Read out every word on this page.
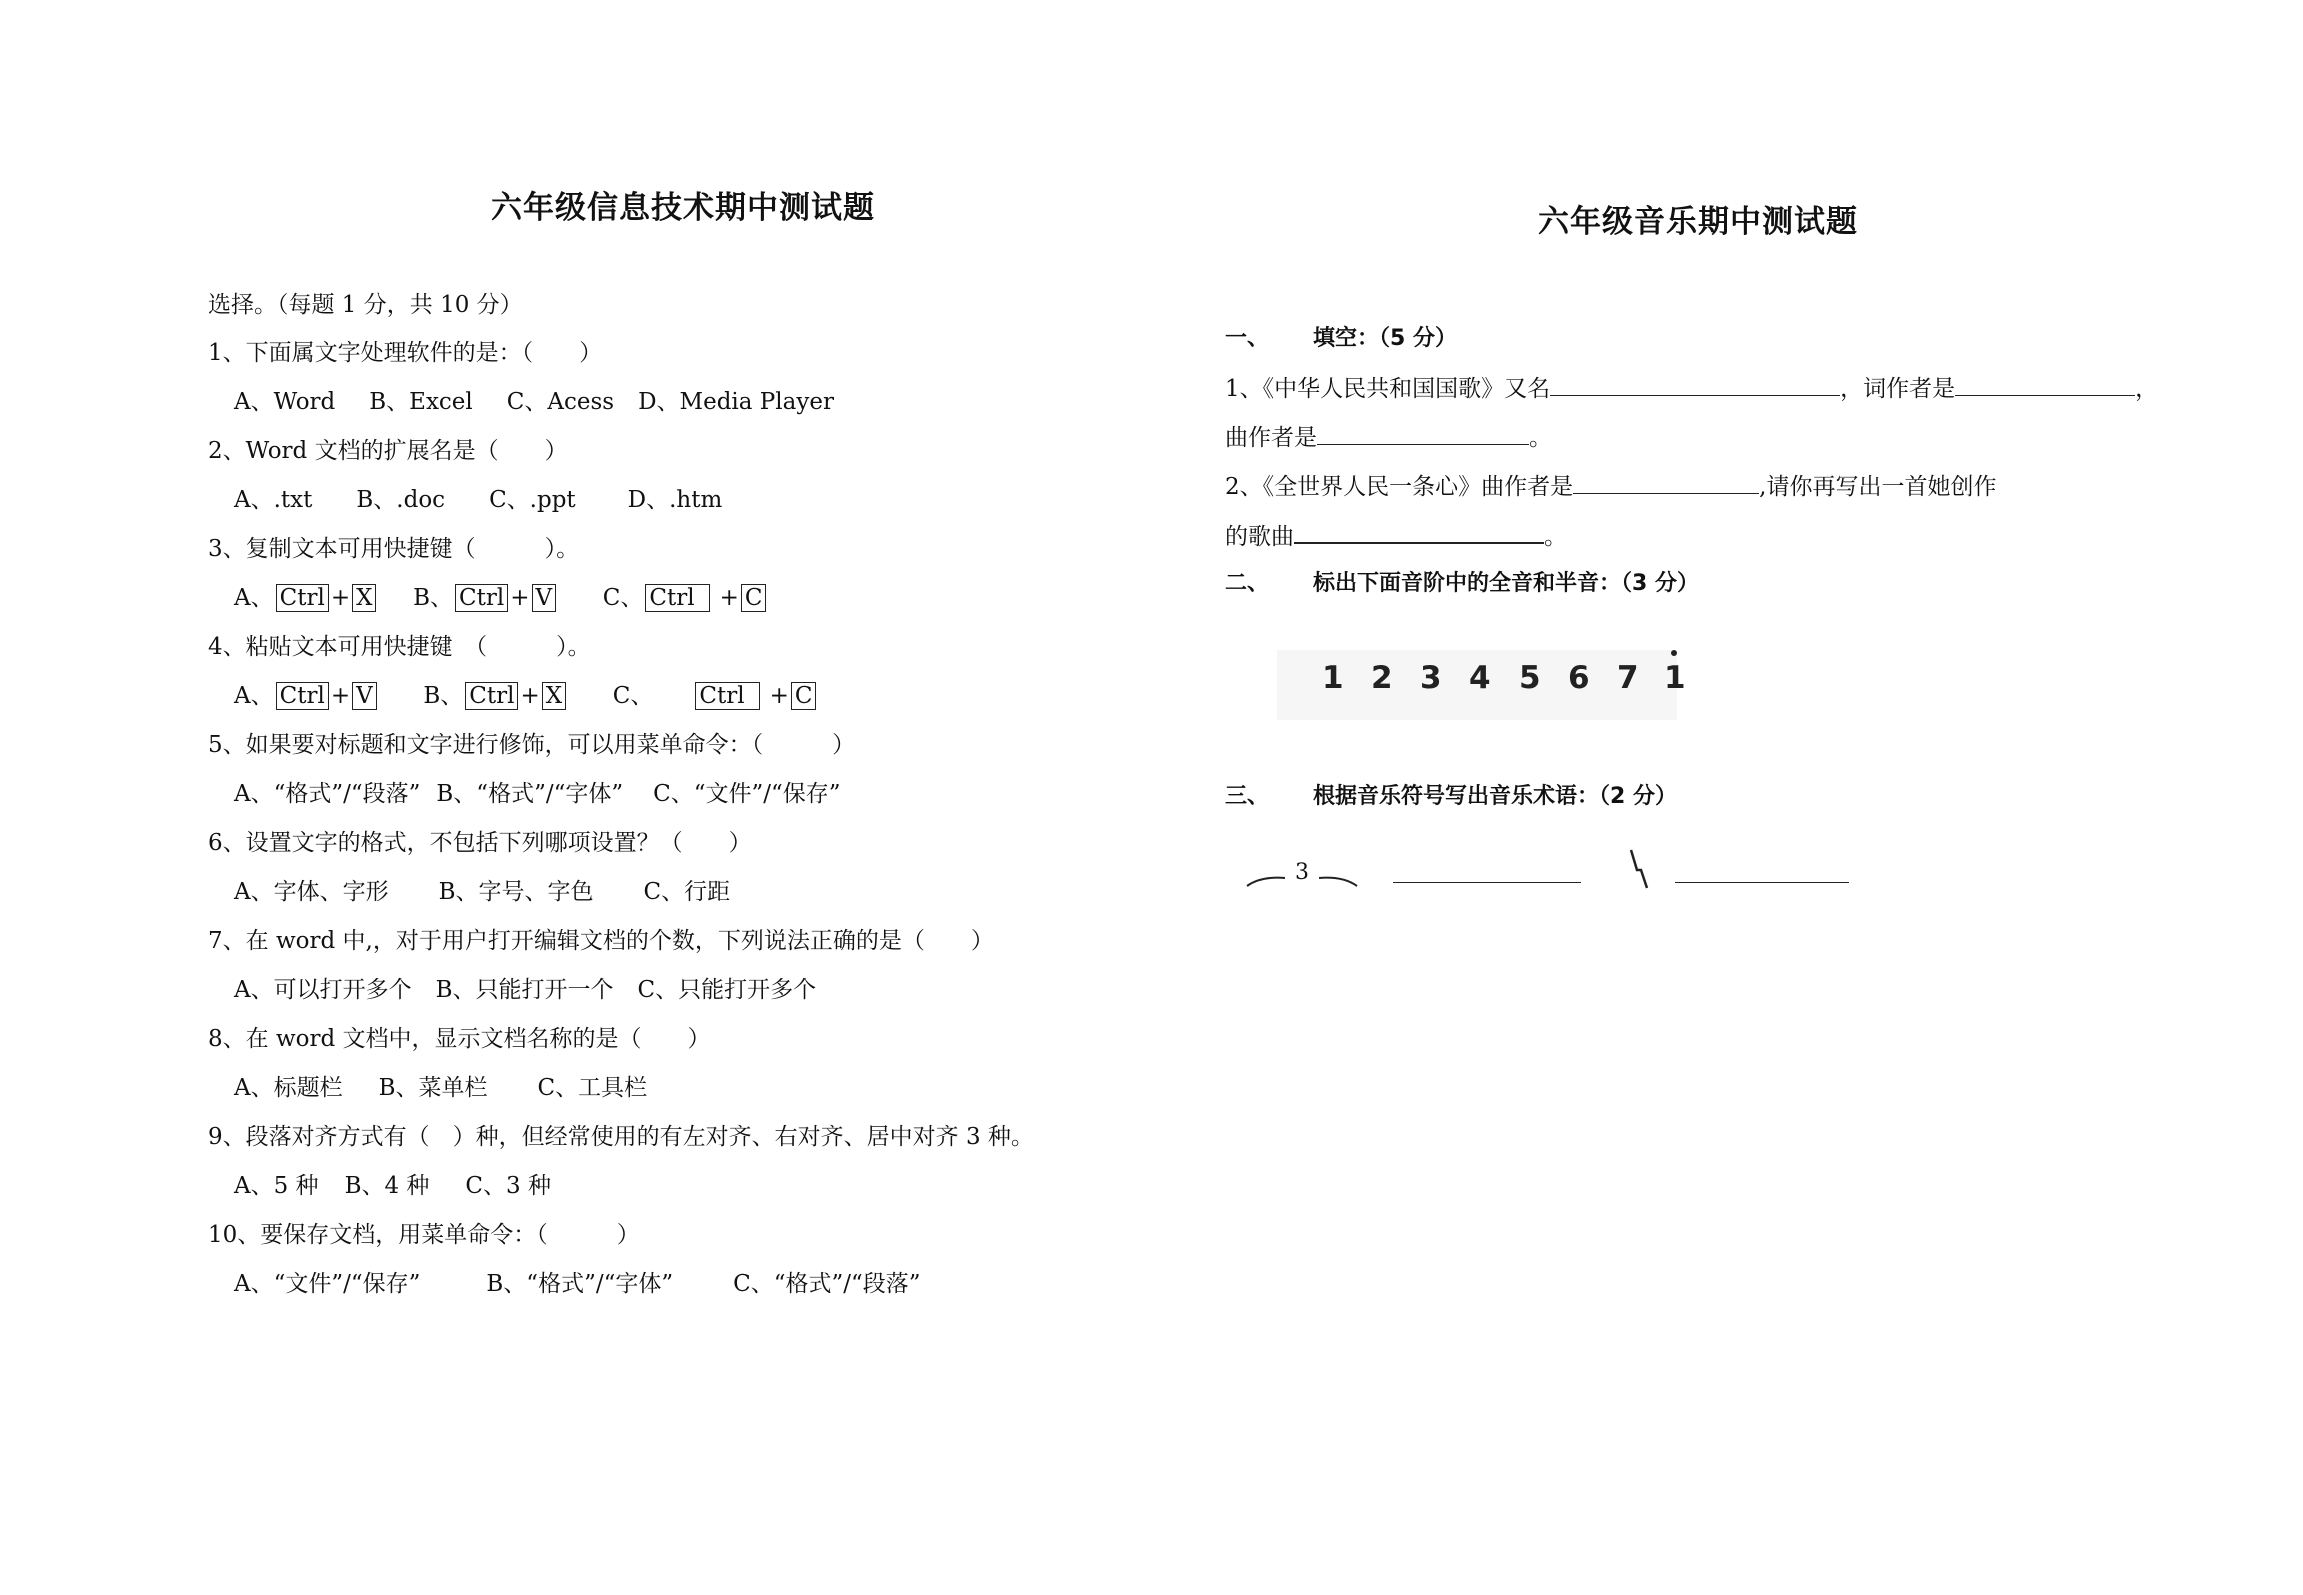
六年级信息技术期中测试题
选择。（每题 1 分，共 10 分）
1、下面属文字处理软件的是：（　　）
A、Word B、Excel C、Acess D、Media Player
2、Word 文档的扩展名是（　　）
A、.txt B、.doc C、.ppt D、.htm
3、复制文本可用快捷键（　　　）。
A、 Ctrl + X B、 Ctrl + V C、 Ctrl + C
4、粘贴文本可用快捷键　（　　　）。
A、 Ctrl + V B、 Ctrl + X C、 Ctrl + C
5、如果要对标题和文字进行修饰，可以用菜单命令：（　　　）
A、“格式”/“段落” B、“格式”/“字体” C、“文件”/“保存”
6、设置文字的格式，不包括下列哪项设置？（　　）
A、字体、字形 B、字号、字色 C、行距
7、在 word 中,，对于用户打开编辑文档的个数，下列说法正确的是（　　）
A、可以打开多个 B、只能打开一个 C、只能打开多个
8、在 word 文档中，显示文档名称的是（　　）
A、标题栏 B、菜单栏 C、工具栏
9、段落对齐方式有（　）种，但经常使用的有左对齐、右对齐、居中对齐 3 种。
A、5 种 B、4 种 C、3 种
10、要保存文档，用菜单命令：（　　　）
A、“文件”/“保存”	B、“格式”/“字体”	C、“格式”/“段落”
六年级音乐期中测试题
一、 填空：（5 分）
1、《中华人民共和国国歌》又名	，词作者是	，
曲作者是	。
2、《全世界人民一条心》曲作者是	,请你再写出一首她创作
的歌曲	。
二、 标出下面音阶中的全音和半音：（3 分）
1 2 3 4 5 6 7 1
三、 根据音乐符号写出音乐术语：（2 分）
3
